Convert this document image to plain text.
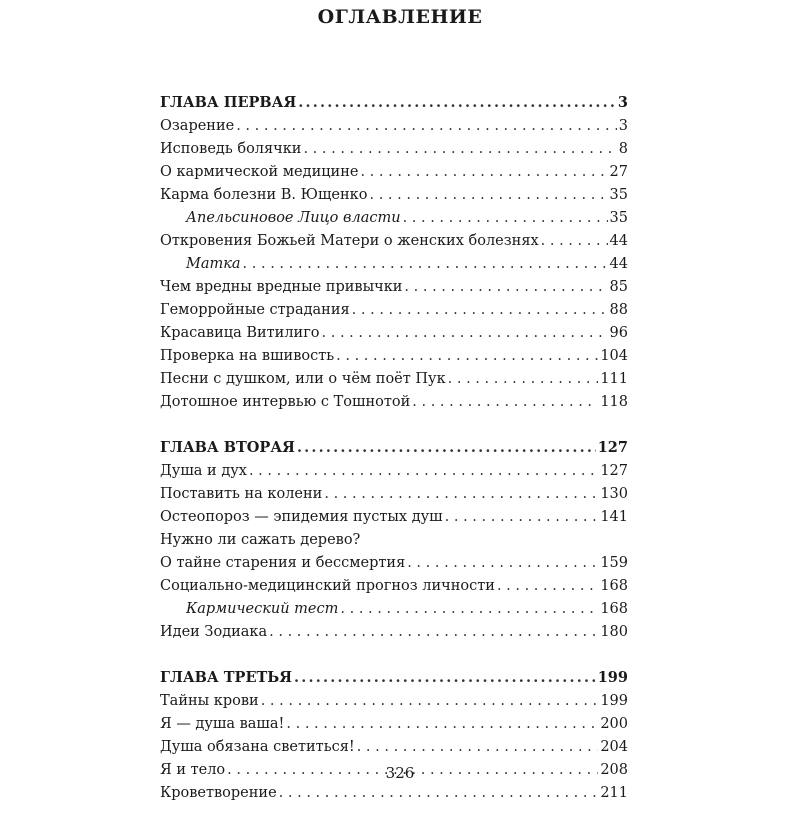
ОГЛАВЛЕНИЕ
ГЛАВА ПЕРВАЯ .....	3
Озарение . . .	3
Исповедь болячки . . .	8
О кармической медицине . . .	27
Карма болезни В. Ющенко . . .	35
Апельсиновое Лицо власти . . .	35
Откровения Божьей Матери о женских болезнях . . .	44
Матка . . .	44
Чем вредны вредные привычки . . .	85
Геморройные страдания . . .	88
Красавица Витилиго . . .	96
Проверка на вшивость . . .	104
Песни с душком, или о чём поёт Пук . . .	111
Дотошное интервью с Тошнотой . . .	118
ГЛАВА ВТОРАЯ .....	127
Душа и дух . . .	127
Поставить на колени . . .	130
Остеопороз — эпидемия пустых душ . . .	141
Нужно ли сажать дерево?
О тайне старения и бессмертия . . .	159
Социально-медицинский прогноз личности . . .	168
Кармический тест . . .	168
Идеи Зодиака . . .	180
ГЛАВА ТРЕТЬЯ .....	199
Тайны крови . . .	199
Я — душа ваша! . . .	200
Душа обязана светиться! . . .	204
Я и тело . . .	208
Кроветворение . . .	211
326
